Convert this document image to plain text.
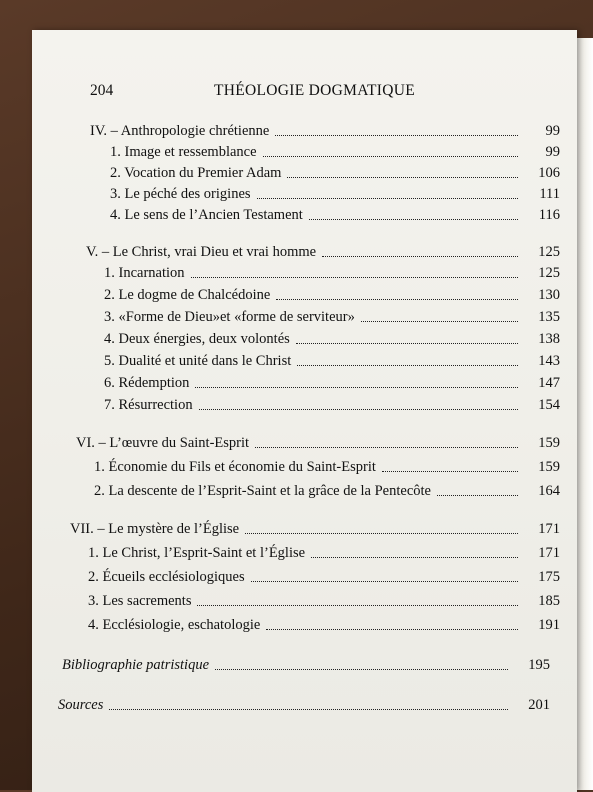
204	THÉOLOGIE DOGMATIQUE
IV. – Anthropologie chrétienne	99
1. Image et ressemblance	99
2. Vocation du Premier Adam	106
3. Le péché des origines	111
4. Le sens de l’Ancien Testament	116
V. – Le Christ, vrai Dieu et vrai homme	125
1. Incarnation	125
2. Le dogme de Chalcédoine	130
3. «Forme de Dieu»et «forme de serviteur»	135
4. Deux énergies, deux volontés	138
5. Dualité et unité dans le Christ	143
6. Rédemption	147
7. Résurrection	154
VI. – L’œuvre du Saint-Esprit	159
1. Économie du Fils et économie du Saint-Esprit	159
2. La descente de l’Esprit-Saint et la grâce de la Pentecôte	164
VII. – Le mystère de l’Église	171
1. Le Christ, l’Esprit-Saint et l’Église	171
2. Écueils ecclésiologiques	175
3. Les sacrements	185
4. Ecclésiologie, eschatologie	191
Bibliographie patristique	195
Sources	201
